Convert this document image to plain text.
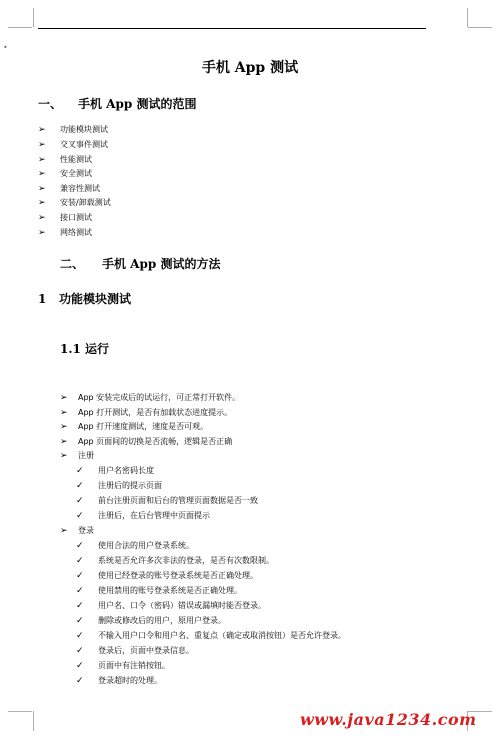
•
手机 App 测试
一、 手机 App 测试的范围
➢ 功能模块测试
➢ 交叉事件测试
➢ 性能测试
➢ 安全测试
➢ 兼容性测试
➢ 安装/卸载测试
➢ 接口测试
➢ 网络测试
二、 手机 App 测试的方法
1 功能模块测试
1.1 运行
➢ App 安装完成后的试运行，可正常打开软件。
➢ App 打开测试，是否有加载状态进度提示。
➢ App 打开速度测试，速度是否可观。
➢ App 页面间的切换是否流畅，逻辑是否正确
➢ 注册
✓ 用户名密码长度
✓ 注册后的提示页面
✓ 前台注册页面和后台的管理页面数据是否一致
✓ 注册后，在后台管理中页面提示
➢ 登录
✓ 使用合法的用户登录系统。
✓ 系统是否允许多次非法的登录，是否有次数限制。
✓ 使用已经登录的账号登录系统是否正确处理。
✓ 使用禁用的账号登录系统是否正确处理。
✓ 用户名、口令（密码）错误或漏填时能否登录。
✓ 删除或修改后的用户，原用户登录。
✓ 不输入用户口令和用户名、重复点（确定或取消按钮）是否允许登录。
✓ 登录后，页面中登录信息。
✓ 页面中有注销按钮。
✓ 登录超时的处理。
www.java1234.com
